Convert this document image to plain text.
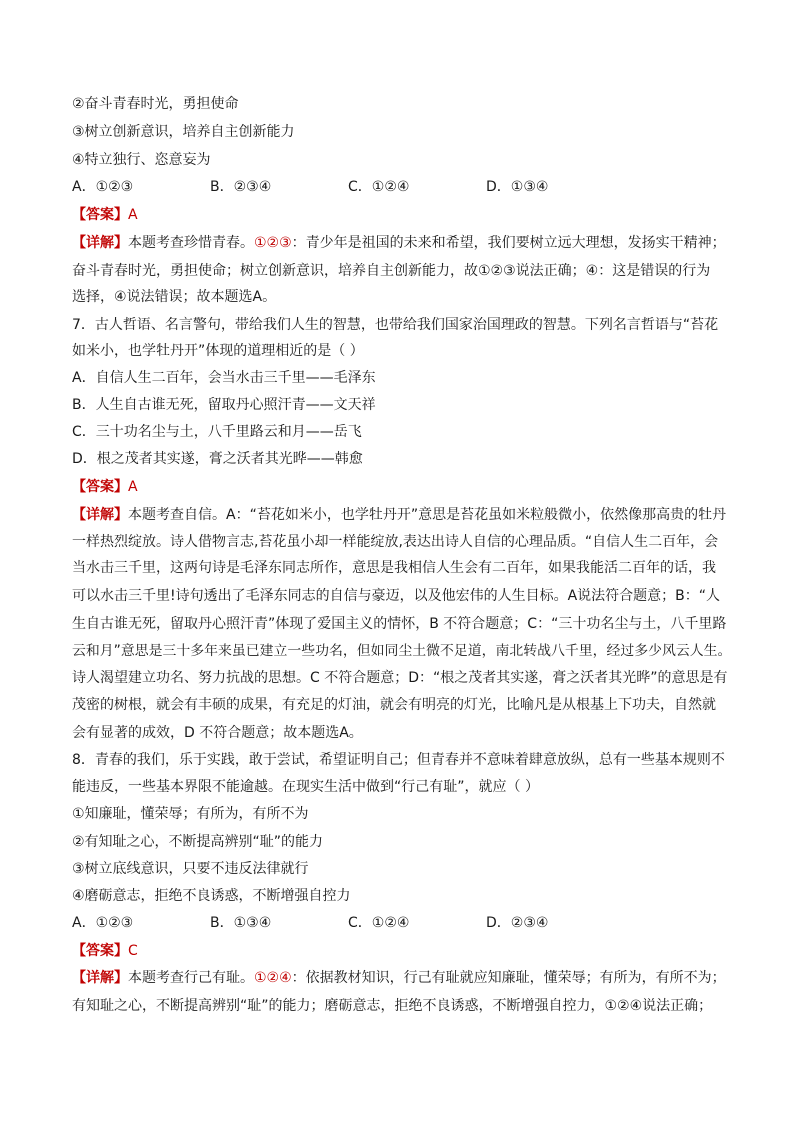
②奋斗青春时光，勇担使命
③树立创新意识，培养自主创新能力
④特立独行、恣意妄为
A．①②③	B．②③④	C．①②④	D．①③④
【答案】A
【详解】本题考查珍惜青春。①②③：青少年是祖国的未来和希望，我们要树立远大理想，发扬实干精神；
奋斗青春时光，勇担使命；树立创新意识，培养自主创新能力，故①②③说法正确；④：这是错误的行为
选择，④说法错误；故本题选A。
7．古人哲语、名言警句，带给我们人生的智慧，也带给我们国家治国理政的智慧。下列名言哲语与“苔花
如米小，也学牡丹开”体现的道理相近的是（ ）
A．自信人生二百年，会当水击三千里——毛泽东
B．人生自古谁无死，留取丹心照汗青——文天祥
C．三十功名尘与土，八千里路云和月——岳飞
D．根之茂者其实遂，膏之沃者其光晔——韩愈
【答案】A
【详解】本题考查自信。A：“苔花如米小，也学牡丹开”意思是苔花虽如米粒般微小，依然像那高贵的牡丹
一样热烈绽放。诗人借物言志,苔花虽小却一样能绽放,表达出诗人自信的心理品质。“自信人生二百年，会
当水击三千里，这两句诗是毛泽东同志所作，意思是我相信人生会有二百年，如果我能活二百年的话，我
可以水击三千里!诗句透出了毛泽东同志的自信与豪迈，以及他宏伟的人生目标。A说法符合题意；B：“人
生自古谁无死，留取丹心照汗青”体现了爱国主义的情怀，B 不符合题意；C：“三十功名尘与土，八千里路
云和月”意思是三十多年来虽已建立一些功名，但如同尘土微不足道，南北转战八千里，经过多少风云人生。
诗人渴望建立功名、努力抗战的思想。C 不符合题意；D：“根之茂者其实遂，膏之沃者其光晔”的意思是有
茂密的树根，就会有丰硕的成果，有充足的灯油，就会有明亮的灯光，比喻凡是从根基上下功夫，自然就
会有显著的成效，D 不符合题意；故本题选A。
8．青春的我们，乐于实践，敢于尝试，希望证明自己；但青春并不意味着肆意放纵，总有一些基本规则不
能违反，一些基本界限不能逾越。在现实生活中做到“行己有耻”，就应（ ）
①知廉耻，懂荣辱；有所为，有所不为
②有知耻之心，不断提高辨别“耻”的能力
③树立底线意识，只要不违反法律就行
④磨砺意志，拒绝不良诱惑，不断增强自控力
A．①②③	B．①③④	C．①②④	D．②③④
【答案】C
【详解】本题考查行己有耻。①②④：依据教材知识，行己有耻就应知廉耻，懂荣辱；有所为，有所不为；
有知耻之心，不断提高辨别“耻”的能力；磨砺意志，拒绝不良诱惑，不断增强自控力，①②④说法正确；
